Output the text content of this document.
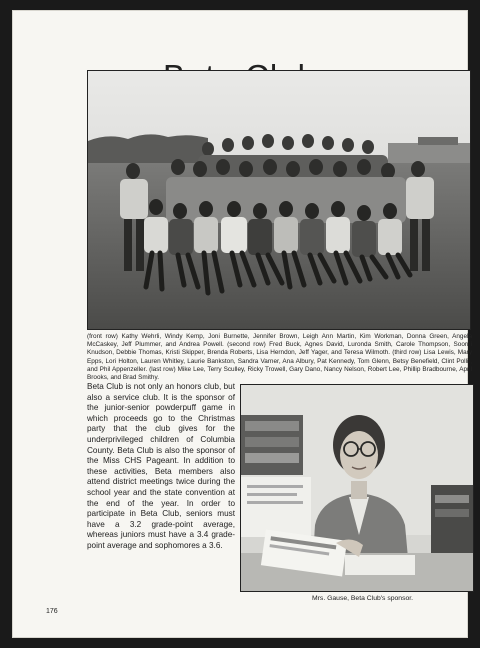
(front row) Kathy Wehrli, Windy Kemp, Joni Burnette, Jennifer Brown, Leigh Ann Martin, Kim Workman, Donna Green, Angela McCaskey, Jeff Plummer, and Andrea Powell. (second row) Fred Buck, Agnes David, Luronda Smith, Carole Thompson, Soorni Knudson, Debbie Thomas, Kristi Skipper, Brenda Roberts, Lisa Herndon, Jeff Yager, and Teresa Wilmoth. (third row) Lisa Lewis, Mary Epps, Lori Holton, Lauren Whitley, Laurie Bankston, Sandra Varner, Ana Albury, Pat Kennedy, Tom Glenn, Betsy Benefield, Clint Pollit, and Phil Appenzeller. (last row) Mike Lee, Terry Sculley, Ricky Trowell, Gary Dano, Nancy Nelson, Robert Lee, Phillip Bradbourne, April Brooks, and Brad Smithy.
Beta Club is not only an honors club, but also a service club. It is the sponsor of the junior-senior powderpuff game in which proceeds go to the Christmas party that the club gives for the underprivileged children of Columbia County. Beta Club is also the sponsor of the Miss CHS Pageant. In addition to these activities, Beta members also attend district meetings twice during the school year and the state convention at the end of the year. In order to participate in Beta Club, seniors must have a 3.2 grade-point average, whereas juniors must have a 3.4 grade-point average and sophomores a 3.6.
Mrs. Gause, Beta Club's sponsor.
176
